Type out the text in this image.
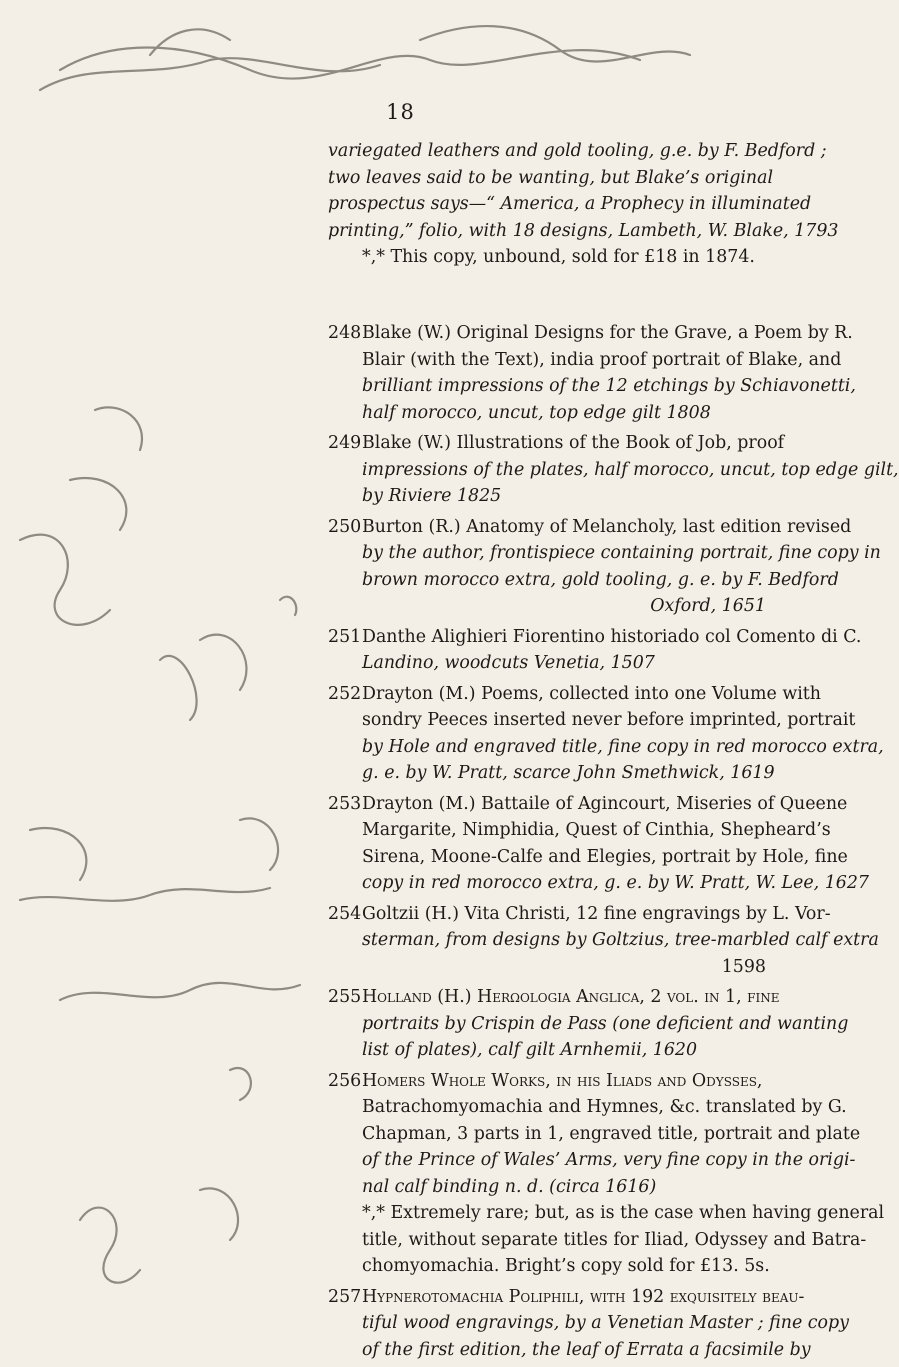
18
variegated leathers and gold tooling, g.e. by F. Bedford ;
two leaves said to be wanting, but Blake’s original
prospectus says—“ America, a Prophecy in illuminated
printing,” folio, with 18 designs, Lambeth, W. Blake, 1793
*,* This copy, unbound, sold for £18 in 1874.
248Blake (W.) Original Designs for the Grave, a Poem by R.
Blair (with the Text), india proof portrait of Blake, and
brilliant impressions of the 12 etchings by Schiavonetti,
half morocco, uncut, top edge gilt 1808
249Blake (W.) Illustrations of the Book of Job, proof
impressions of the plates, half morocco, uncut, top edge gilt,
by Riviere 1825
250Burton (R.) Anatomy of Melancholy, last edition revised
by the author, frontispiece containing portrait, fine copy in
brown morocco extra, gold tooling, g. e. by F. Bedford
Oxford, 1651
251Danthe Alighieri Fiorentino historiado col Comento di C.
Landino, woodcuts Venetia, 1507
252Drayton (M.) Poems, collected into one Volume with
sondry Peeces inserted never before imprinted, portrait
by Hole and engraved title, fine copy in red morocco extra,
g. e. by W. Pratt, scarce John Smethwick, 1619
253Drayton (M.) Battaile of Agincourt, Miseries of Queene
Margarite, Nimphidia, Quest of Cinthia, Shepheard’s
Sirena, Moone-Calfe and Elegies, portrait by Hole, fine
copy in red morocco extra, g. e. by W. Pratt, W. Lee, 1627
254Goltzii (H.) Vita Christi, 12 fine engravings by L. Vor-
sterman, from designs by Goltzius, tree-marbled calf extra
1598
255Holland (H.) Herωologia Anglica, 2 vol. in 1, fine
portraits by Crispin de Pass (one deficient and wanting
list of plates), calf gilt Arnhemii, 1620
256Homers Whole Works, in his Iliads and Odysses,
Batrachomyomachia and Hymnes, &c. translated by G.
Chapman, 3 parts in 1, engraved title, portrait and plate
of the Prince of Wales’ Arms, very fine copy in the origi-
nal calf binding n. d. (circa 1616)
*,* Extremely rare; but, as is the case when having general
title, without separate titles for Iliad, Odyssey and Batra-
chomyomachia. Bright’s copy sold for £13. 5s.
257Hypnerotomachia Poliphili, with 192 exquisitely beau-
tiful wood engravings, by a Venetian Master ; fine copy
of the first edition, the leaf of Errata a facsimile by
